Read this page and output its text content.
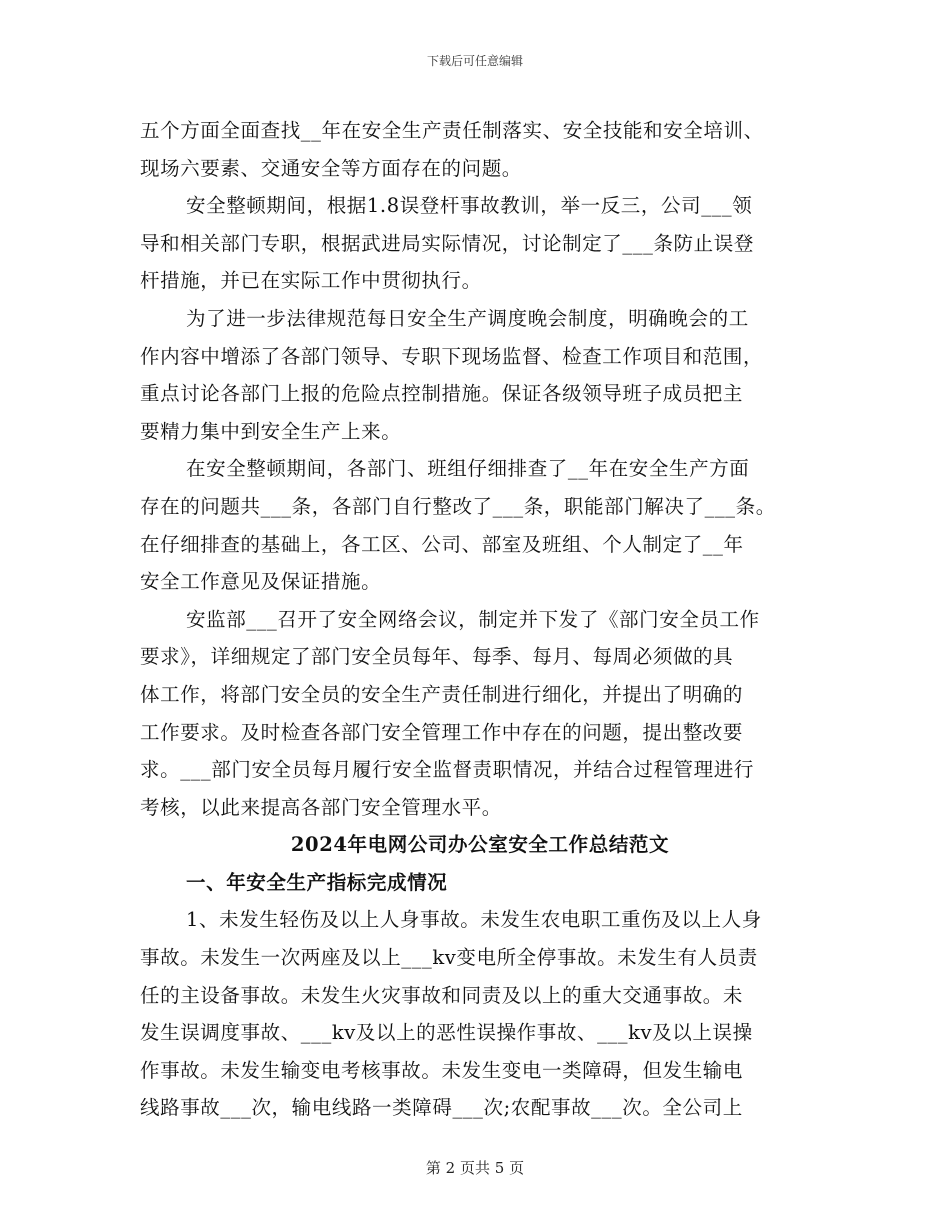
下载后可任意编辑
五个方面全面查找__年在安全生产责任制落实、安全技能和安全培训、
现场六要素、交通安全等方面存在的问题。
安全整顿期间，根据1.8误登杆事故教训，举一反三，公司___领
导和相关部门专职，根据武进局实际情况，讨论制定了___条防止误登
杆措施，并已在实际工作中贯彻执行。
为了进一步法律规范每日安全生产调度晚会制度，明确晚会的工
作内容中增添了各部门领导、专职下现场监督、检查工作项目和范围，
重点讨论各部门上报的危险点控制措施。保证各级领导班子成员把主
要精力集中到安全生产上来。
在安全整顿期间，各部门、班组仔细排查了__年在安全生产方面
存在的问题共___条，各部门自行整改了___条，职能部门解决了___条。
在仔细排查的基础上，各工区、公司、部室及班组、个人制定了__年
安全工作意见及保证措施。
安监部___召开了安全网络会议，制定并下发了《部门安全员工作
要求》，详细规定了部门安全员每年、每季、每月、每周必须做的具
体工作，将部门安全员的安全生产责任制进行细化，并提出了明确的
工作要求。及时检查各部门安全管理工作中存在的问题，提出整改要
求。___部门安全员每月履行安全监督责职情况，并结合过程管理进行
考核，以此来提高各部门安全管理水平。
2024年电网公司办公室安全工作总结范文
一、年安全生产指标完成情况
1、未发生轻伤及以上人身事故。未发生农电职工重伤及以上人身
事故。未发生一次两座及以上___kv变电所全停事故。未发生有人员责
任的主设备事故。未发生火灾事故和同责及以上的重大交通事故。未
发生误调度事故、___kv及以上的恶性误操作事故、___kv及以上误操
作事故。未发生输变电考核事故。未发生变电一类障碍，但发生输电
线路事故___次，输电线路一类障碍___次;农配事故___次。全公司上
第 2 页共 5 页
